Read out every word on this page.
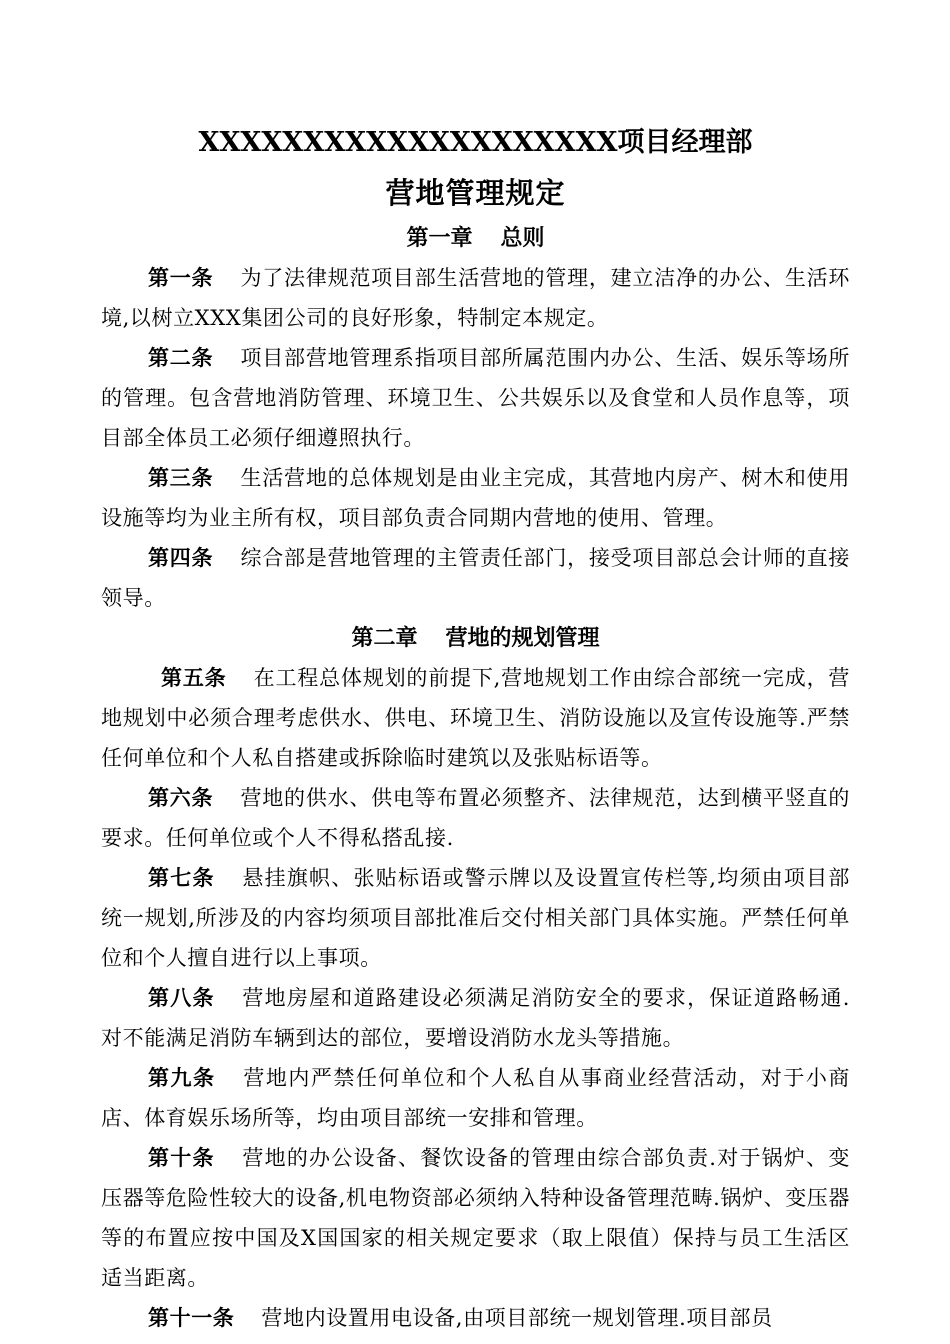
XXXXXXXXXXXXXXXXXXXX项目经理部
营地管理规定
第一章 总则

第一条 为了法律规范项目部生活营地的管理，建立洁净的办公、生活环境,以树立XXX集团公司的良好形象，特制定本规定。

第二条 项目部营地管理系指项目部所属范围内办公、生活、娱乐等场所的管理。包含营地消防管理、环境卫生、公共娱乐以及食堂和人员作息等，项目部全体员工必须仔细遵照执行。

第三条 生活营地的总体规划是由业主完成，其营地内房产、树木和使用设施等均为业主所有权，项目部负责合同期内营地的使用、管理。

第四条 综合部是营地管理的主管责任部门，接受项目部总会计师的直接领导。

第二章 营地的规划管理

第五条 在工程总体规划的前提下,营地规划工作由综合部统一完成，营地规划中必须合理考虑供水、供电、环境卫生、消防设施以及宣传设施等.严禁任何单位和个人私自搭建或拆除临时建筑以及张贴标语等。

第六条 营地的供水、供电等布置必须整齐、法律规范，达到横平竖直的要求。任何单位或个人不得私搭乱接.

第七条 悬挂旗帜、张贴标语或警示牌以及设置宣传栏等,均须由项目部统一规划,所涉及的内容均须项目部批准后交付相关部门具体实施。严禁任何单位和个人擅自进行以上事项。

第八条 营地房屋和道路建设必须满足消防安全的要求，保证道路畅通.对不能满足消防车辆到达的部位，要增设消防水龙头等措施。

第九条 营地内严禁任何单位和个人私自从事商业经营活动，对于小商店、体育娱乐场所等，均由项目部统一安排和管理。

第十条 营地的办公设备、餐饮设备的管理由综合部负责.对于锅炉、变压器等危险性较大的设备,机电物资部必须纳入特种设备管理范畴.锅炉、变压器等的布置应按中国及X国国家的相关规定要求（取上限值）保持与员工生活区适当距离。

第十一条 营地内设置用电设备,由项目部统一规划管理.项目部员
